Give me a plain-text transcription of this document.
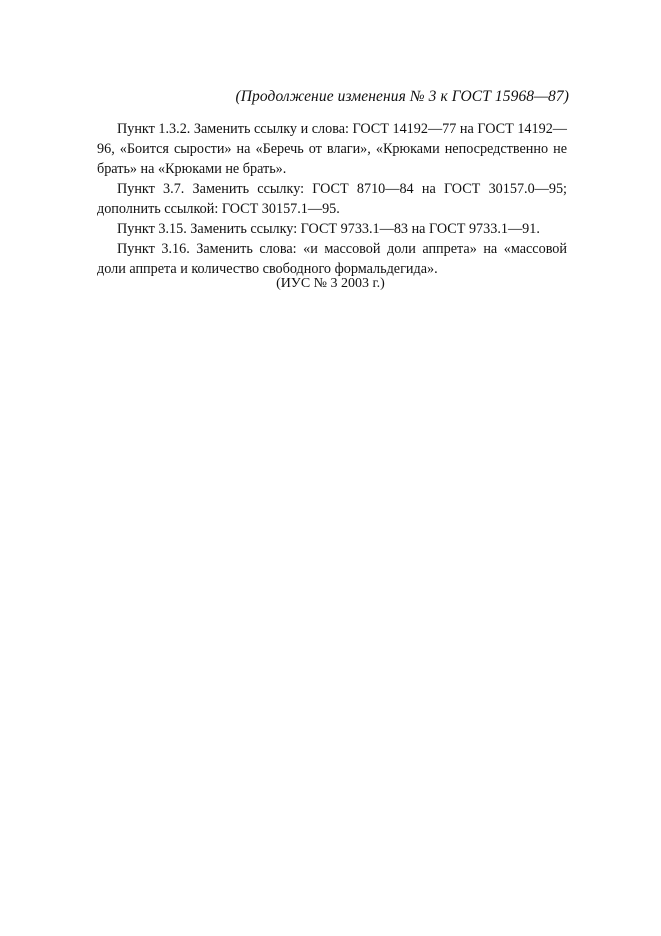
(Продолжение изменения № 3 к ГОСТ 15968—87)

Пункт 1.3.2. Заменить ссылку и слова: ГОСТ 14192—77 на ГОСТ 14192—96, «Боится сырости» на «Беречь от влаги», «Крюками непосредственно не брать» на «Крюками не брать».

Пункт 3.7. Заменить ссылку: ГОСТ 8710—84 на ГОСТ 30157.0—95; дополнить ссылкой: ГОСТ 30157.1—95.

Пункт 3.15. Заменить ссылку: ГОСТ 9733.1—83 на ГОСТ 9733.1—91.

Пункт 3.16. Заменить слова: «и массовой доли аппрета» на «массовой доли аппрета и количество свободного формальдегида».

(ИУС № 3 2003 г.)
